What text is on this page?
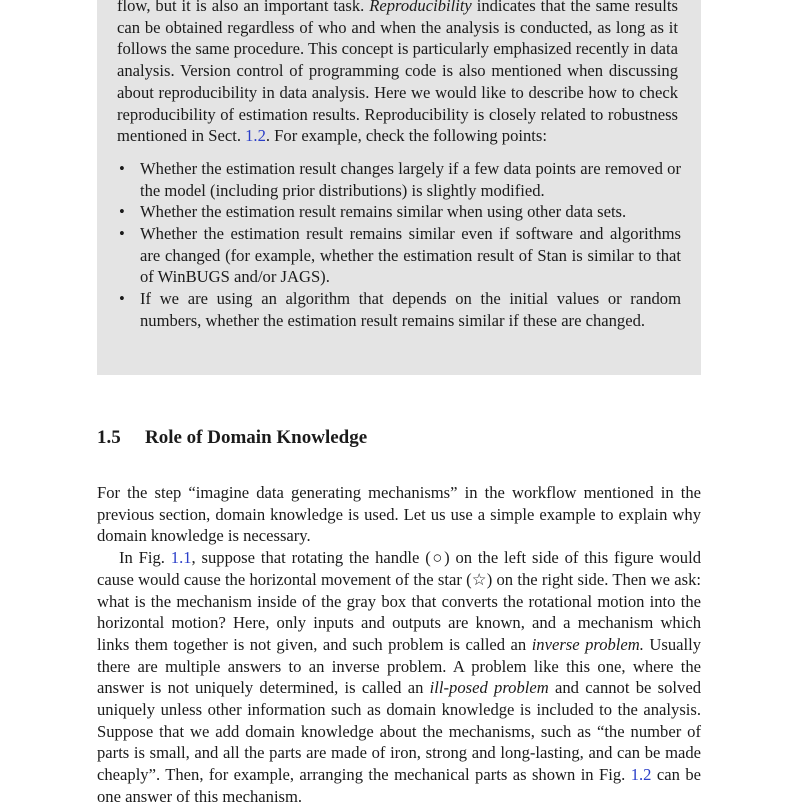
flow, but it is also an important task. Reproducibility indicates that the same results can be obtained regardless of who and when the analysis is conducted, as long as it follows the same procedure. This concept is particularly emphasized recently in data analysis. Version control of programming code is also mentioned when discussing about reproducibility in data analysis. Here we would like to describe how to check reproducibility of estimation results. Reproducibility is closely related to robustness mentioned in Sect. 1.2. For example, check the following points:

• Whether the estimation result changes largely if a few data points are removed or the model (including prior distributions) is slightly modified.
• Whether the estimation result remains similar when using other data sets.
• Whether the estimation result remains similar even if software and algorithms are changed (for example, whether the estimation result of Stan is similar to that of WinBUGS and/or JAGS).
• If we are using an algorithm that depends on the initial values or random numbers, whether the estimation result remains similar if these are changed.
1.5 Role of Domain Knowledge

For the step “imagine data generating mechanisms” in the workflow mentioned in the previous section, domain knowledge is used. Let us use a simple example to explain why domain knowledge is necessary.

In Fig. 1.1, suppose that rotating the handle (○) on the left side of this figure would cause would cause the horizontal movement of the star (☆) on the right side. Then we ask: what is the mechanism inside of the gray box that converts the rotational motion into the horizontal motion? Here, only inputs and outputs are known, and a mechanism which links them together is not given, and such problem is called an inverse problem. Usually there are multiple answers to an inverse problem. A problem like this one, where the answer is not uniquely determined, is called an ill-posed problem and cannot be solved uniquely unless other information such as domain knowledge is included to the analysis. Suppose that we add domain knowledge about the mechanisms, such as “the number of parts is small, and all the parts are made of iron, strong and long-lasting, and can be made cheaply”. Then, for example, arranging the mechanical parts as shown in Fig. 1.2 can be one answer of this mechanism.
